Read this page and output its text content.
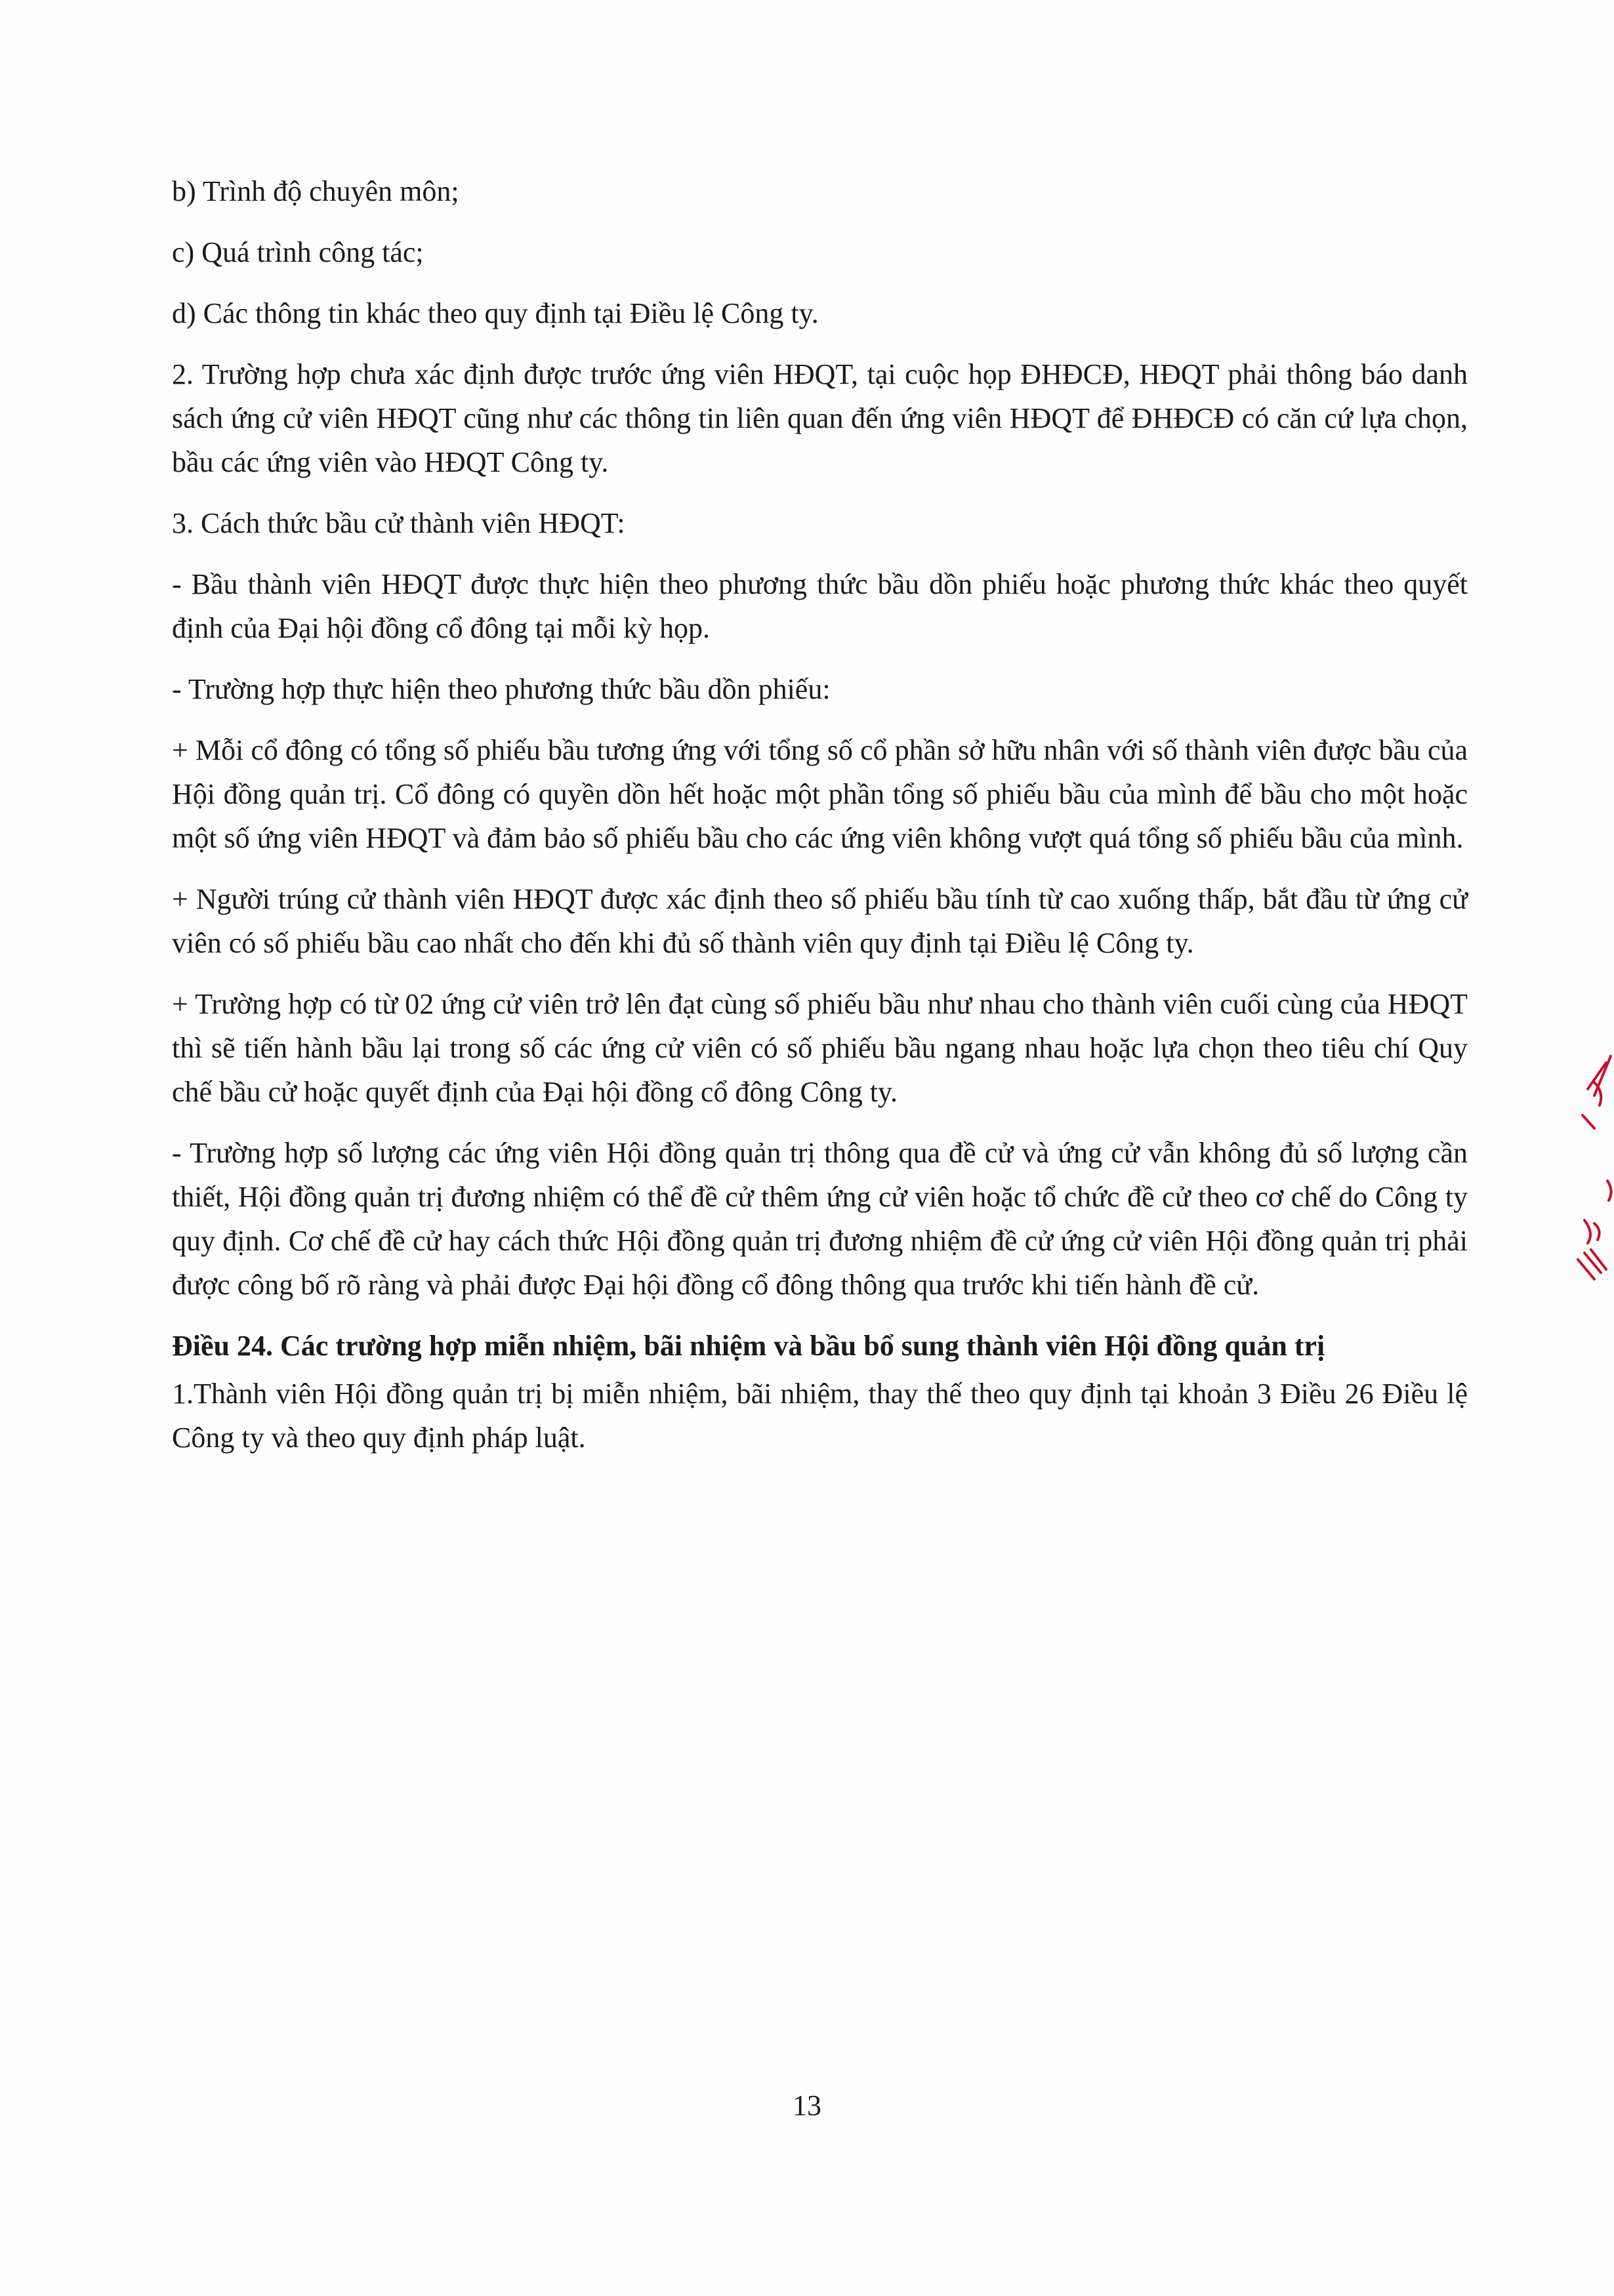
b) Trình độ chuyên môn;

c) Quá trình công tác;

d) Các thông tin khác theo quy định tại Điều lệ Công ty.

2. Trường hợp chưa xác định được trước ứng viên HĐQT, tại cuộc họp ĐHĐCĐ, HĐQT phải thông báo danh sách ứng cử viên HĐQT cũng như các thông tin liên quan đến ứng viên HĐQT để ĐHĐCĐ có căn cứ lựa chọn, bầu các ứng viên vào HĐQT Công ty.

3. Cách thức bầu cử thành viên HĐQT:

- Bầu thành viên HĐQT được thực hiện theo phương thức bầu dồn phiếu hoặc phương thức khác theo quyết định của Đại hội đồng cổ đông tại mỗi kỳ họp.

- Trường hợp thực hiện theo phương thức bầu dồn phiếu:

+ Mỗi cổ đông có tổng số phiếu bầu tương ứng với tổng số cổ phần sở hữu nhân với số thành viên được bầu của Hội đồng quản trị. Cổ đông có quyền dồn hết hoặc một phần tổng số phiếu bầu của mình để bầu cho một hoặc một số ứng viên HĐQT và đảm bảo số phiếu bầu cho các ứng viên không vượt quá tổng số phiếu bầu của mình.

+ Người trúng cử thành viên HĐQT được xác định theo số phiếu bầu tính từ cao xuống thấp, bắt đầu từ ứng cử viên có số phiếu bầu cao nhất cho đến khi đủ số thành viên quy định tại Điều lệ Công ty.

+ Trường hợp có từ 02 ứng cử viên trở lên đạt cùng số phiếu bầu như nhau cho thành viên cuối cùng của HĐQT thì sẽ tiến hành bầu lại trong số các ứng cử viên có số phiếu bầu ngang nhau hoặc lựa chọn theo tiêu chí Quy chế bầu cử hoặc quyết định của Đại hội đồng cổ đông Công ty.

- Trường hợp số lượng các ứng viên Hội đồng quản trị thông qua đề cử và ứng cử vẫn không đủ số lượng cần thiết, Hội đồng quản trị đương nhiệm có thể đề cử thêm ứng cử viên hoặc tổ chức đề cử theo cơ chế do Công ty quy định. Cơ chế đề cử hay cách thức Hội đồng quản trị đương nhiệm đề cử ứng cử viên Hội đồng quản trị phải được công bố rõ ràng và phải được Đại hội đồng cổ đông thông qua trước khi tiến hành đề cử.

Điều 24. Các trường hợp miễn nhiệm, bãi nhiệm và bầu bổ sung thành viên Hội đồng quản trị

1.Thành viên Hội đồng quản trị bị miễn nhiệm, bãi nhiệm, thay thế theo quy định tại khoản 3 Điều 26 Điều lệ Công ty và theo quy định pháp luật.

13
